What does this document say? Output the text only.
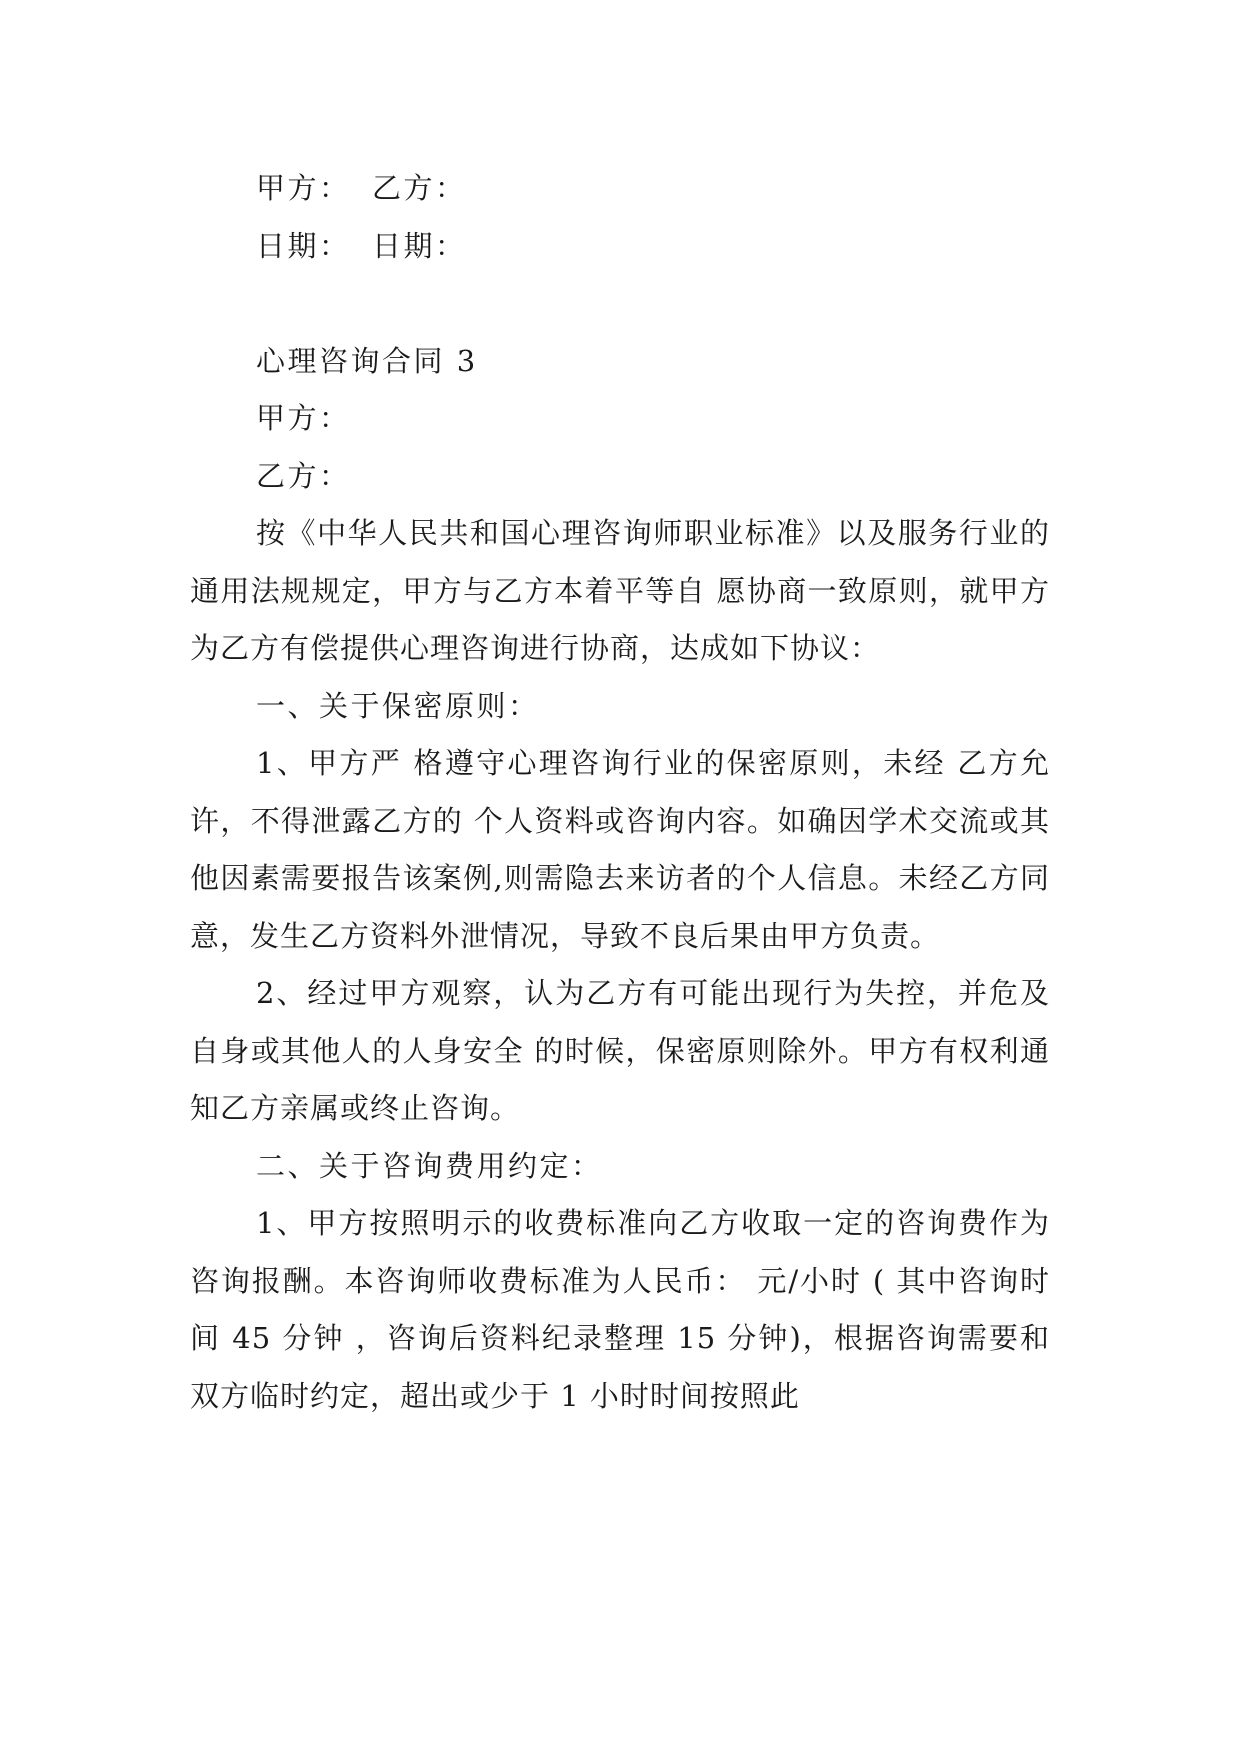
甲方： 乙方：
日期： 日期：
心理咨询合同 3
甲方：
乙方：

按《中华人民共和国心理咨询师职业标准》以及服务行业的通用法规规定，甲方与乙方本着平等自 愿协商一致原则，就甲方为乙方有偿提供心理咨询进行协商，达成如下协议：

一、关于保密原则：

1、甲方严 格遵守心理咨询行业的保密原则，未经 乙方允许，不得泄露乙方的 个人资料或咨询内容。如确因学术交流或其他因素需要报告该案例,则需隐去来访者的个人信息。未经乙方同意，发生乙方资料外泄情况，导致不良后果由甲方负责。

2、经过甲方观察，认为乙方有可能出现行为失控，并危及自身或其他人的人身安全 的时候，保密原则除外。甲方有权利通知乙方亲属或终止咨询。

二、关于咨询费用约定：

1、甲方按照明示的收费标准向乙方收取一定的咨询费作为咨询报酬。本咨询师收费标准为人民币： 元/小时 ( 其中咨询时间 45 分钟 ，咨询后资料纪录整理 15 分钟)，根据咨询需要和双方临时约定，超出或少于 1 小时时间按照此
